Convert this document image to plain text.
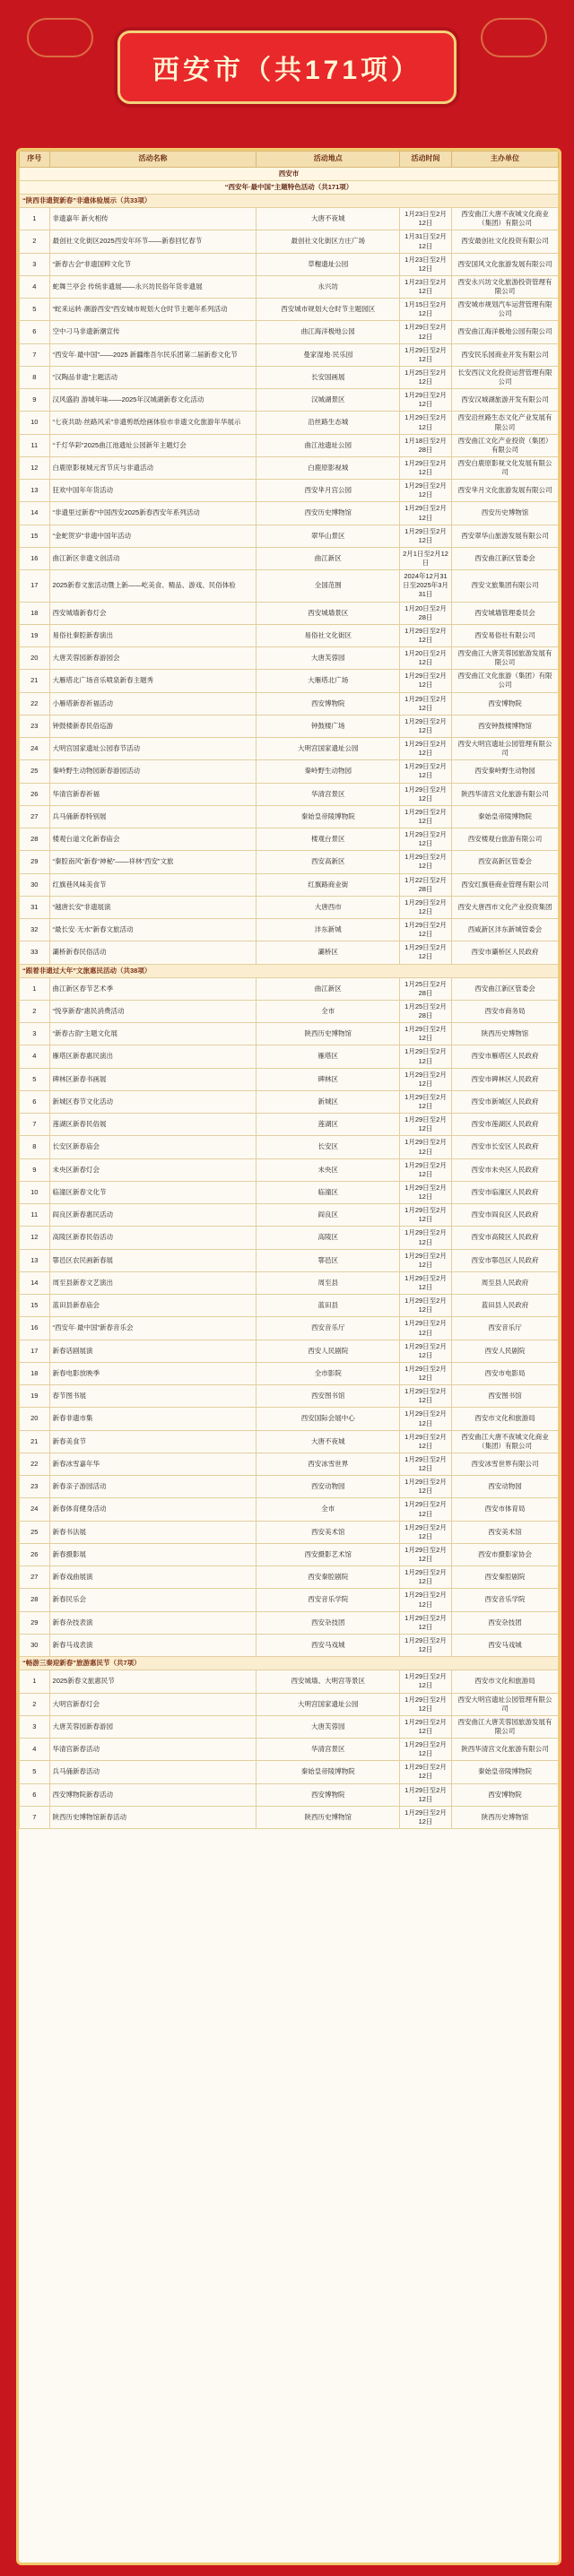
西安市（共171项）
序号	活动名称	活动地点	活动时间	主办单位
西安市				
“西安年·最中国”主题特色活动（共171项）				
“陕西非遗贺新春”非遗体验展示（共33项）				
1	非遗嘉年 新火相传	大唐不夜城	1月23日至2月12日	西安曲江大唐不夜城文化商业（集团）有限公司
2	最创社文化街区2025西安年环节——新春回忆春节	最创社文化街区方庄广场	1月31日至2月12日	西安最创社文化投资有限公司
3	“新春古会”非遗国粹文化节	草榭遗址公园	1月23日至2月12日	西安国风文化旅游发展有限公司
4	蛇舞兰亭会 传统非遗展——永兴坊民俗年货非遗展	永兴坊	1月23日至2月12日	西安永兴坊文化旅游投资管理有限公司
5	“蛇来运转·潮游西安”西安城市规划大仓时节主题年系列活动	西安城市规划大仓时节主题园区	1月15日至2月12日	西安城市规划汽车运营管理有限公司
6	空中刁马非遗新潮宣传	曲江海洋极地公园	1月29日至2月12日	西安曲江海洋极地公园有限公司
7	“西安年·最中国”——2025 新疆维吾尔民乐团第二届新春文化节	曼家湿地·民乐园	1月29日至2月12日	西安民乐园商业开发有限公司
8	“汉陶品非遗”主题活动	长安国画展	1月25日至2月12日	长安西汉文化投资运营管理有限公司
9	汉风盛韵 游城年味——2025年汉城湖新春文化活动	汉城湖景区	1月29日至2月12日	西安汉城湖旅游开发有限公司
10	“七夜共助·丝路风采”非遗剪纸绘画体验市非遗文化旅游年华展示	沿丝路生态城	1月29日至2月12日	西安沿丝路生态文化产业发展有限公司
11	“千灯华彩”2025曲江池遗址公园新年主题灯会	曲江池遗址公园	1月18日至2月28日	西安曲江文化产业投资（集团）有限公司
12	白鹿原影视城元宵节庆与非遗活动	白鹿原影视城	1月29日至2月12日	西安白鹿原影视文化发展有限公司
13	狂欢中国年年货活动	西安芈月宫公园	1月29日至2月12日	西安芈月文化旅游发展有限公司
14	“非遗里过新春”中国西安2025新春西安年系列活动	西安历史博物馆	1月29日至2月12日	西安历史博物馆
15	“金蛇贺岁”非遗中国年活动	翠华山景区	1月29日至2月12日	西安翠华山旅游发展有限公司
16	曲江新区非遗文创活动	曲江新区	2月1日至2月12日	西安曲江新区管委会
17	2025新春文旅活动暨上新——屹美食、精品、游戏、民俗体验	全国范围	2024年12月31日至2025年3月31日	西安文旅集团有限公司
18	西安城墙新春灯会	西安城墙景区	1月20日至2月28日	西安城墙管理委员会
19	易俗社秦腔新春演出	易俗社文化街区	1月29日至2月12日	西安易俗社有限公司
20	大唐芙蓉园新春游园会	大唐芙蓉园	1月20日至2月12日	西安曲江大唐芙蓉园旅游发展有限公司
21	大雁塔北广场音乐喷泉新春主题秀	大雁塔北广场	1月29日至2月12日	西安曲江文化旅游（集团）有限公司
22	小雁塔新春祈福活动	西安博物院	1月29日至2月12日	西安博物院
23	钟鼓楼新春民俗巡游	钟鼓楼广场	1月29日至2月12日	西安钟鼓楼博物馆
24	大明宫国家遗址公园春节活动	大明宫国家遗址公园	1月29日至2月12日	西安大明宫遗址公园管理有限公司
25	秦岭野生动物园新春游园活动	秦岭野生动物园	1月29日至2月12日	西安秦岭野生动物园
26	华清宫新春祈福	华清宫景区	1月29日至2月12日	陕西华清宫文化旅游有限公司
27	兵马俑新春特别展	秦始皇帝陵博物院	1月29日至2月12日	秦始皇帝陵博物院
28	楼观台道文化新春庙会	楼观台景区	1月29日至2月12日	西安楼观台旅游有限公司
29	“秦腔南风”新春“神秘”——祥林“西安”文旅	西安高新区	1月29日至2月12日	西安高新区管委会
30	红旗巷风味美食节	红旗路商业街	1月22日至2月28日	西安红旗巷商业管理有限公司
31	“越唐长安”非遗展演	大唐西市	1月29日至2月12日	西安大唐西市文化产业投资集团
32	“最长安·无水”新春文旅活动	沣东新城	1月29日至2月12日	西咸新区沣东新城管委会
33	灞桥新春民俗活动	灞桥区	1月29日至2月12日	西安市灞桥区人民政府
“跟着非遗过大年”文旅惠民活动（共38项）				
1	曲江新区春节艺术季	曲江新区	1月25日至2月28日	西安曲江新区管委会
2	“悦享新春”惠民消费活动	全市	1月25日至2月28日	西安市商务局
3	“新春古韵”主题文化展	陕西历史博物馆	1月29日至2月12日	陕西历史博物馆
4	雁塔区新春惠民演出	雁塔区	1月29日至2月12日	西安市雁塔区人民政府
5	碑林区新春书画展	碑林区	1月29日至2月12日	西安市碑林区人民政府
6	新城区春节文化活动	新城区	1月29日至2月12日	西安市新城区人民政府
7	莲湖区新春民俗展	莲湖区	1月29日至2月12日	西安市莲湖区人民政府
8	长安区新春庙会	长安区	1月29日至2月12日	西安市长安区人民政府
9	未央区新春灯会	未央区	1月29日至2月12日	西安市未央区人民政府
10	临潼区新春文化节	临潼区	1月29日至2月12日	西安市临潼区人民政府
11	阎良区新春惠民活动	阎良区	1月29日至2月12日	西安市阎良区人民政府
12	高陵区新春民俗活动	高陵区	1月29日至2月12日	西安市高陵区人民政府
13	鄠邑区农民画新春展	鄠邑区	1月29日至2月12日	西安市鄠邑区人民政府
14	周至县新春文艺演出	周至县	1月29日至2月12日	周至县人民政府
15	蓝田县新春庙会	蓝田县	1月29日至2月12日	蓝田县人民政府
16	“西安年·最中国”新春音乐会	西安音乐厅	1月29日至2月12日	西安音乐厅
17	新春话剧展演	西安人民剧院	1月29日至2月12日	西安人民剧院
18	新春电影放映季	全市影院	1月29日至2月12日	西安市电影局
19	春节图书展	西安图书馆	1月29日至2月12日	西安图书馆
20	新春非遗市集	西安国际会展中心	1月29日至2月12日	西安市文化和旅游局
21	新春美食节	大唐不夜城	1月29日至2月12日	西安曲江大唐不夜城文化商业（集团）有限公司
22	新春冰雪嘉年华	西安冰雪世界	1月29日至2月12日	西安冰雪世界有限公司
23	新春亲子游园活动	西安动物园	1月29日至2月12日	西安动物园
24	新春体育健身活动	全市	1月29日至2月12日	西安市体育局
25	新春书法展	西安美术馆	1月29日至2月12日	西安美术馆
26	新春摄影展	西安摄影艺术馆	1月29日至2月12日	西安市摄影家协会
27	新春戏曲展演	西安秦腔剧院	1月29日至2月12日	西安秦腔剧院
28	新春民乐会	西安音乐学院	1月29日至2月12日	西安音乐学院
29	新春杂技表演	西安杂技团	1月29日至2月12日	西安杂技团
30	新春马戏表演	西安马戏城	1月29日至2月12日	西安马戏城
“畅游三秦迎新春”旅游惠民节（共7项）				
1	2025新春文旅惠民节	西安城墙、大明宫等景区	1月29日至2月12日	西安市文化和旅游局
2	大明宫新春灯会	大明宫国家遗址公园	1月29日至2月12日	西安大明宫遗址公园管理有限公司
3	大唐芙蓉园新春游园	大唐芙蓉园	1月29日至2月12日	西安曲江大唐芙蓉园旅游发展有限公司
4	华清宫新春活动	华清宫景区	1月29日至2月12日	陕西华清宫文化旅游有限公司
5	兵马俑新春活动	秦始皇帝陵博物院	1月29日至2月12日	秦始皇帝陵博物院
6	西安博物院新春活动	西安博物院	1月29日至2月12日	西安博物院
7	陕西历史博物馆新春活动	陕西历史博物馆	1月29日至2月12日	陕西历史博物馆
